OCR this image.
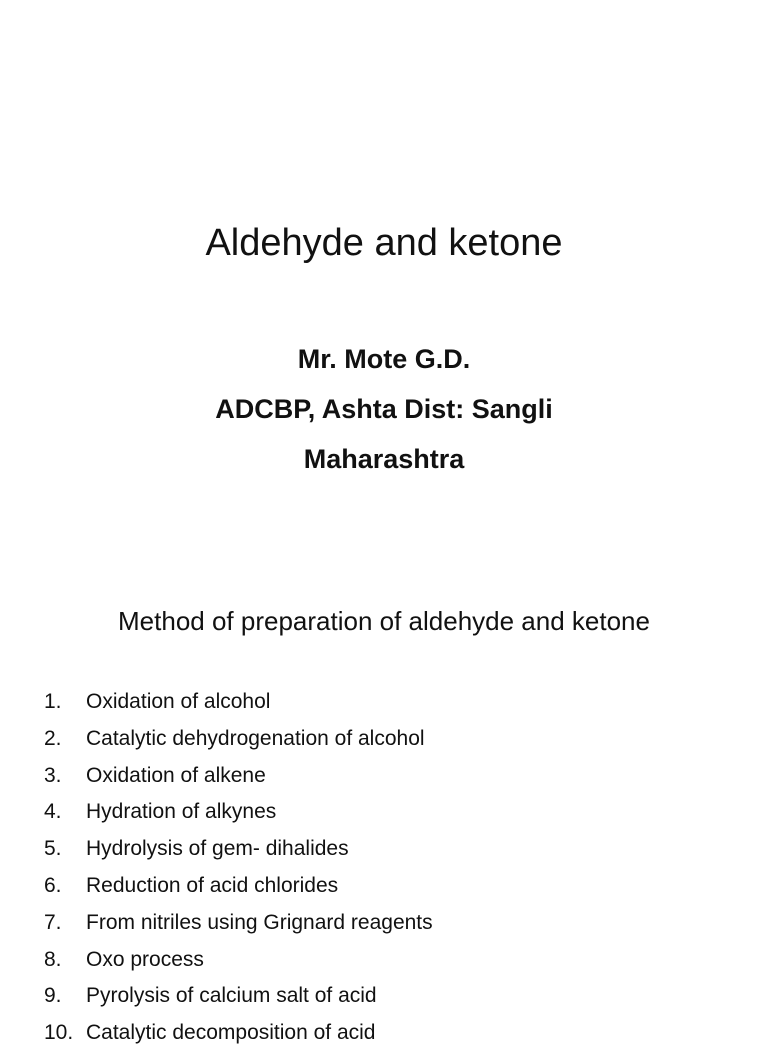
Aldehyde and ketone
Mr. Mote G.D.
ADCBP, Ashta Dist: Sangli
Maharashtra
Method of preparation of aldehyde and ketone
1.	Oxidation of alcohol
2.	Catalytic dehydrogenation of alcohol
3.	Oxidation of alkene
4.	Hydration of alkynes
5.	Hydrolysis of gem- dihalides
6.	Reduction of acid chlorides
7.	From nitriles using Grignard reagents
8.	Oxo process
9.	Pyrolysis of calcium salt of acid
10. Catalytic decomposition of acid
